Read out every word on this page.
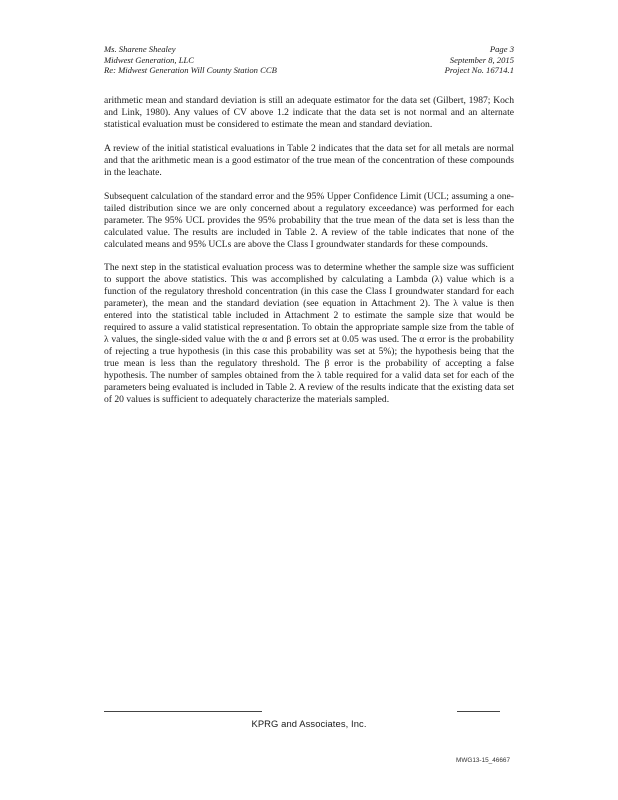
Ms. Sharene Shealey
Midwest Generation, LLC
Re: Midwest Generation Will County Station CCB
Page 3
September 8, 2015
Project No. 16714.1

arithmetic mean and standard deviation is still an adequate estimator for the data set (Gilbert, 1987; Koch and Link, 1980). Any values of CV above 1.2 indicate that the data set is not normal and an alternate statistical evaluation must be considered to estimate the mean and standard deviation.

A review of the initial statistical evaluations in Table 2 indicates that the data set for all metals are normal and that the arithmetic mean is a good estimator of the true mean of the concentration of these compounds in the leachate.

Subsequent calculation of the standard error and the 95% Upper Confidence Limit (UCL; assuming a one-tailed distribution since we are only concerned about a regulatory exceedance) was performed for each parameter. The 95% UCL provides the 95% probability that the true mean of the data set is less than the calculated value. The results are included in Table 2. A review of the table indicates that none of the calculated means and 95% UCLs are above the Class I groundwater standards for these compounds.

The next step in the statistical evaluation process was to determine whether the sample size was sufficient to support the above statistics. This was accomplished by calculating a Lambda (λ) value which is a function of the regulatory threshold concentration (in this case the Class I groundwater standard for each parameter), the mean and the standard deviation (see equation in Attachment 2). The λ value is then entered into the statistical table included in Attachment 2 to estimate the sample size that would be required to assure a valid statistical representation. To obtain the appropriate sample size from the table of λ values, the single-sided value with the α and β errors set at 0.05 was used. The α error is the probability of rejecting a true hypothesis (in this case this probability was set at 5%); the hypothesis being that the true mean is less than the regulatory threshold. The β error is the probability of accepting a false hypothesis. The number of samples obtained from the λ table required for a valid data set for each of the parameters being evaluated is included in Table 2. A review of the results indicate that the existing data set of 20 values is sufficient to adequately characterize the materials sampled.

KPRG and Associates, Inc.
MWG13-15_46667
